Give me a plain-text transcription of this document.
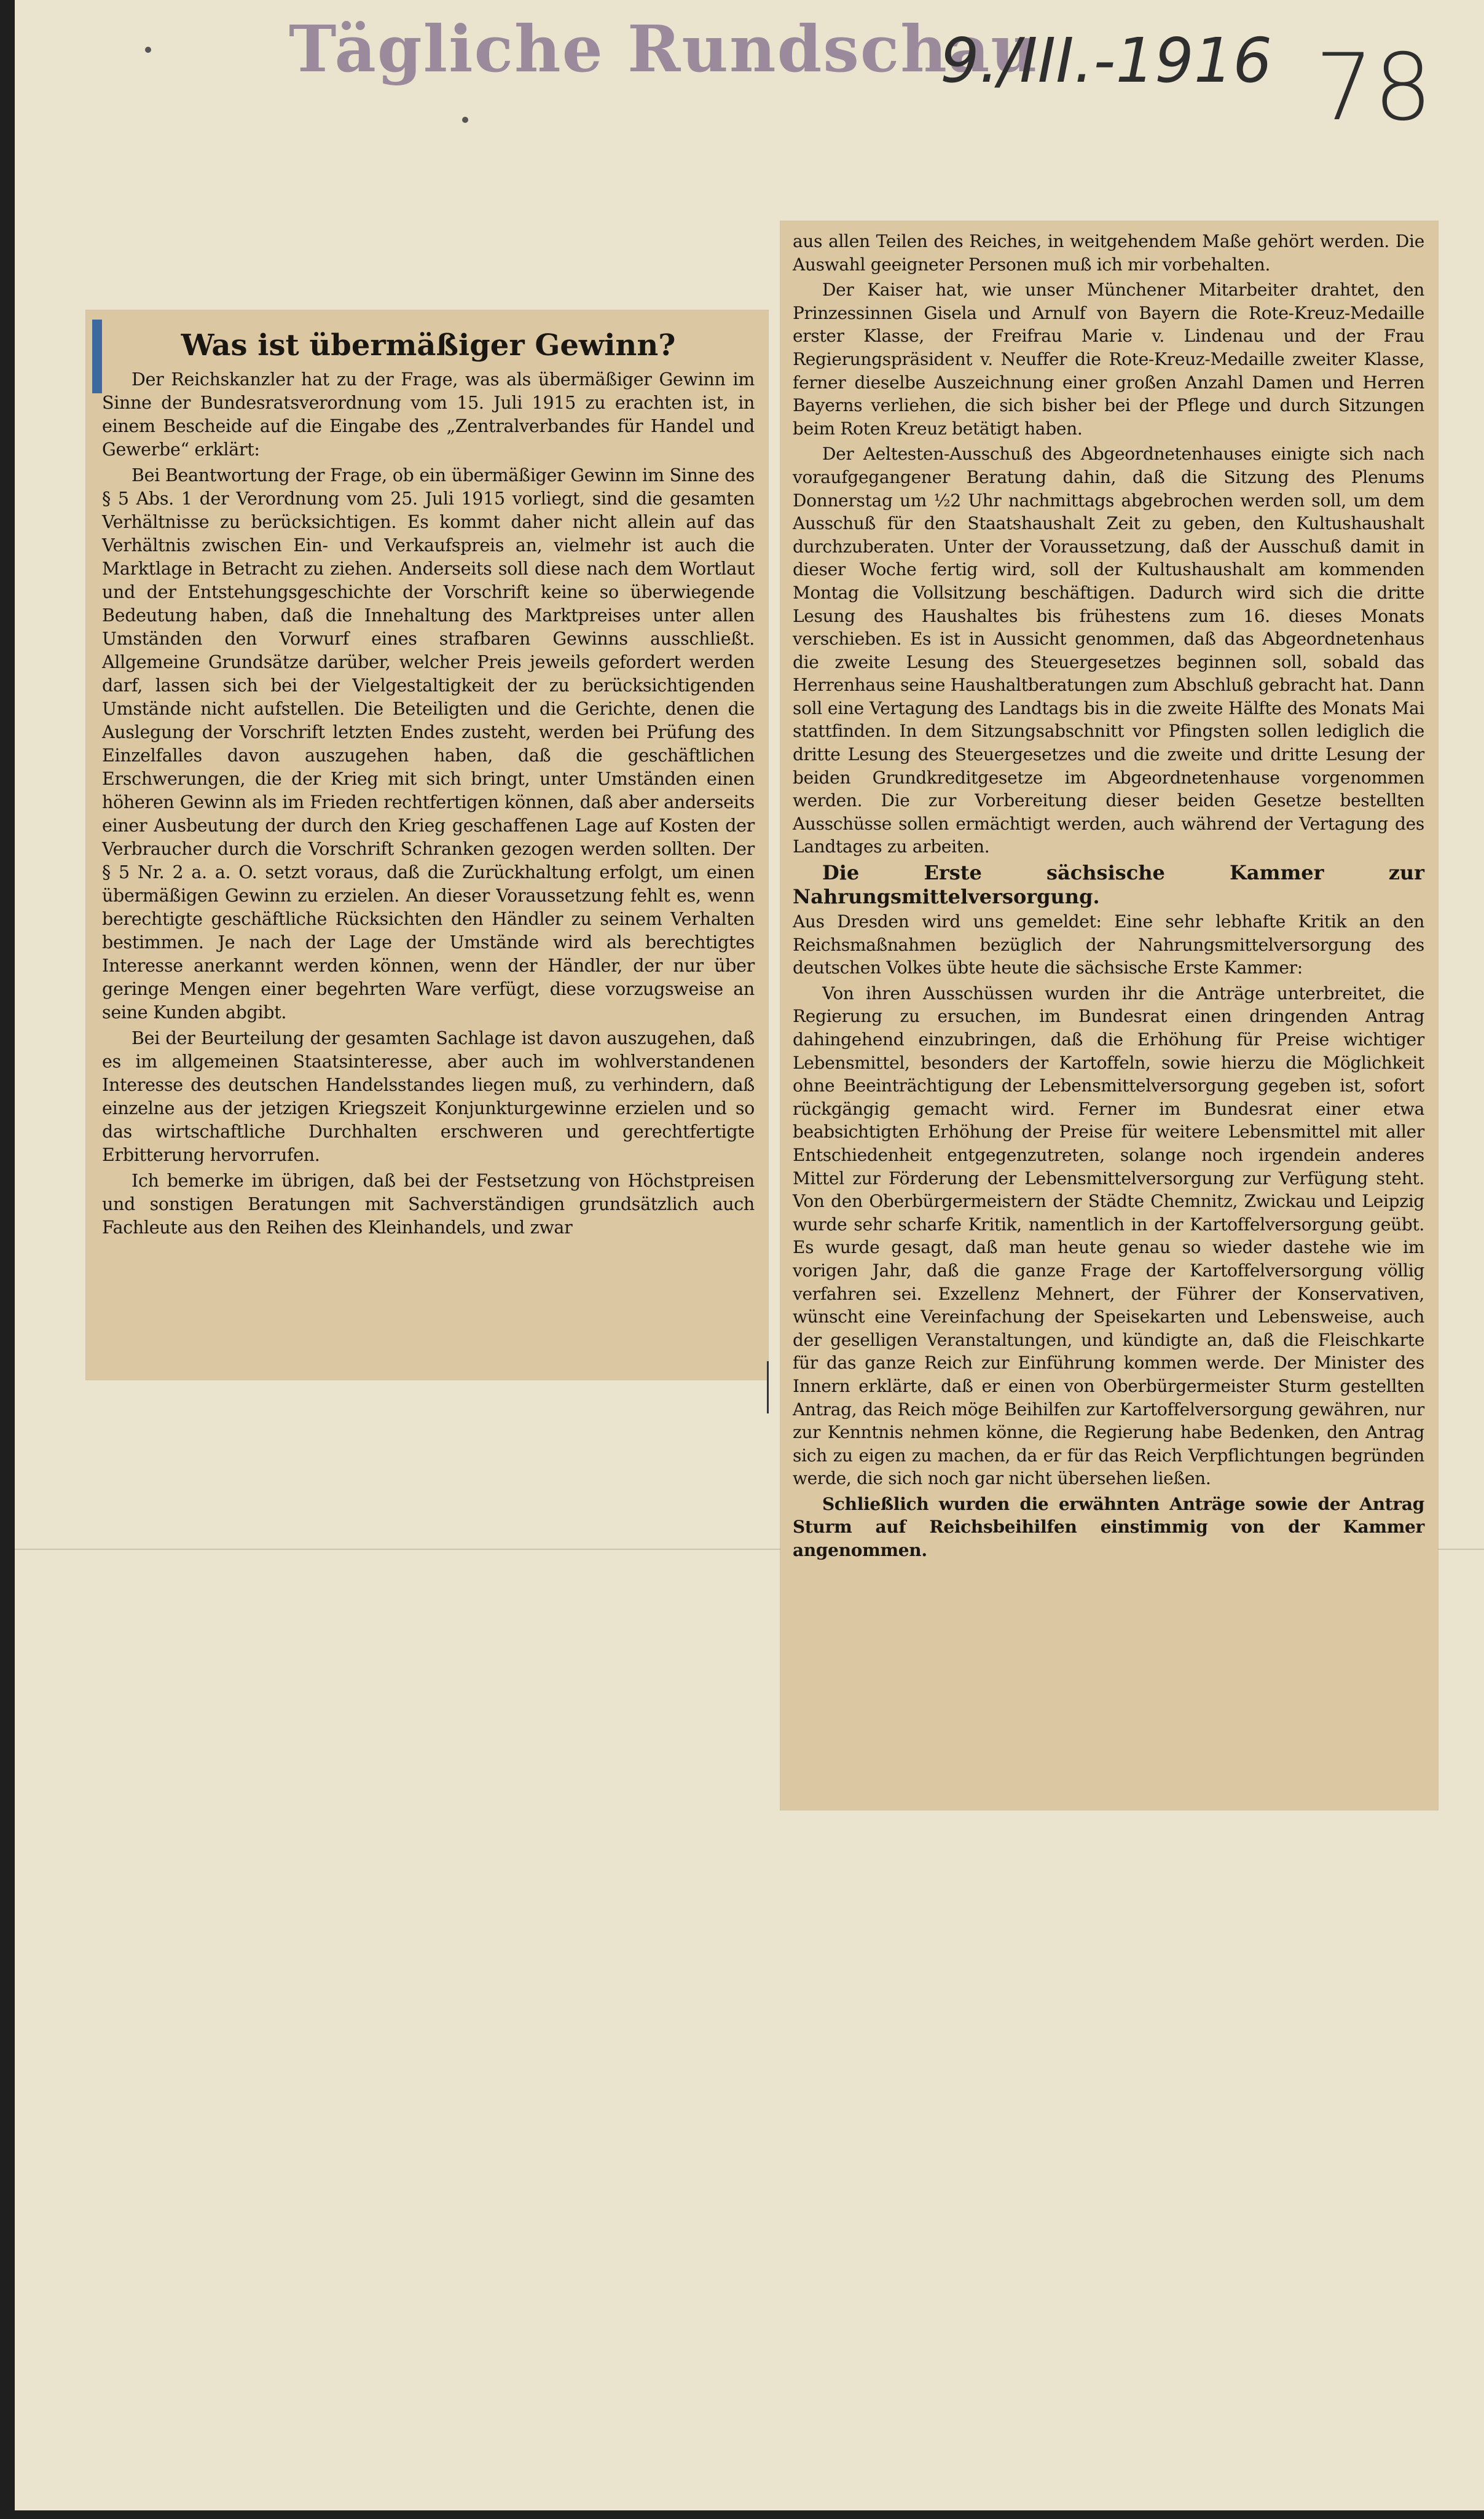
Tägliche Rundschau
9./III.-1916 78
Was ist übermäßiger Gewinn?

Der Reichskanzler hat zu der Frage, was als übermäßiger Gewinn im Sinne der Bundesratsverordnung vom 15. Juli 1915 zu erachten ist, in einem Bescheide auf die Eingabe des „Zentralverbandes für Handel und Gewerbe“ erklärt:

Bei Beantwortung der Frage, ob ein übermäßiger Gewinn im Sinne des § 5 Abs. 1 der Verordnung vom 25. Juli 1915 vorliegt, sind die gesamten Verhältnisse zu berücksichtigen. Es kommt daher nicht allein auf das Verhältnis zwischen Ein- und Verkaufspreis an, vielmehr ist auch die Marktlage in Betracht zu ziehen. Anderseits soll diese nach dem Wortlaut und der Entstehungsgeschichte der Vorschrift keine so überwiegende Bedeutung haben, daß die Innehaltung des Marktpreises unter allen Umständen den Vorwurf eines strafbaren Gewinns ausschließt. Allgemeine Grundsätze darüber, welcher Preis jeweils gefordert werden darf, lassen sich bei der Vielgestaltigkeit der zu berücksichtigenden Umstände nicht aufstellen. Die Beteiligten und die Gerichte, denen die Auslegung der Vorschrift letzten Endes zusteht, werden bei Prüfung des Einzelfalles davon auszugehen haben, daß die geschäftlichen Erschwerungen, die der Krieg mit sich bringt, unter Umständen einen höheren Gewinn als im Frieden rechtfertigen können, daß aber anderseits einer Ausbeutung der durch den Krieg geschaffenen Lage auf Kosten der Verbraucher durch die Vorschrift Schranken gezogen werden sollten. Der § 5 Nr. 2 a. a. O. setzt voraus, daß die Zurückhaltung erfolgt, um einen übermäßigen Gewinn zu erzielen. An dieser Voraussetzung fehlt es, wenn berechtigte geschäftliche Rücksichten den Händler zu seinem Verhalten bestimmen. Je nach der Lage der Umstände wird als berechtigtes Interesse anerkannt werden können, wenn der Händler, der nur über geringe Mengen einer begehrten Ware verfügt, diese vorzugsweise an seine Kunden abgibt.

Bei der Beurteilung der gesamten Sachlage ist davon auszugehen, daß es im allgemeinen Staatsinteresse, aber auch im wohlverstandenen Interesse des deutschen Handelsstandes liegen muß, zu verhindern, daß einzelne aus der jetzigen Kriegszeit Konjunkturgewinne erzielen und so das wirtschaftliche Durchhalten erschweren und gerechtfertigte Erbitterung hervorrufen.

Ich bemerke im übrigen, daß bei der Festsetzung von Höchstpreisen und sonstigen Beratungen mit Sachverständigen grundsätzlich auch Fachleute aus den Reihen des Kleinhandels, und zwar

aus allen Teilen des Reiches, in weitgehendem Maße gehört werden. Die Auswahl geeigneter Personen muß ich mir vorbehalten.

Der Kaiser hat, wie unser Münchener Mitarbeiter drahtet, den Prinzessinnen Gisela und Arnulf von Bayern die Rote-Kreuz-Medaille erster Klasse, der Freifrau Marie v. Lindenau und der Frau Regierungspräsident v. Neuffer die Rote-Kreuz-Medaille zweiter Klasse, ferner dieselbe Auszeichnung einer großen Anzahl Damen und Herren Bayerns verliehen, die sich bisher bei der Pflege und durch Sitzungen beim Roten Kreuz betätigt haben.

Der Aeltesten-Ausschuß des Abgeordnetenhauses einigte sich nach voraufgegangener Beratung dahin, daß die Sitzung des Plenums Donnerstag um ½2 Uhr nachmittags abgebrochen werden soll, um dem Ausschuß für den Staatshaushalt Zeit zu geben, den Kultushaushalt durchzuberaten. Unter der Voraussetzung, daß der Ausschuß damit in dieser Woche fertig wird, soll der Kultushaushalt am kommenden Montag die Vollsitzung beschäftigen. Dadurch wird sich die dritte Lesung des Haushaltes bis frühestens zum 16. dieses Monats verschieben. Es ist in Aussicht genommen, daß das Abgeordnetenhaus die zweite Lesung des Steuergesetzes beginnen soll, sobald das Herrenhaus seine Haushaltberatungen zum Abschluß gebracht hat. Dann soll eine Vertagung des Landtags bis in die zweite Hälfte des Monats Mai stattfinden. In dem Sitzungsabschnitt vor Pfingsten sollen lediglich die dritte Lesung des Steuergesetzes und die zweite und dritte Lesung der beiden Grundkreditgesetze im Abgeordnetenhause vorgenommen werden. Die zur Vorbereitung dieser beiden Gesetze bestellten Ausschüsse sollen ermächtigt werden, auch während der Vertagung des Landtages zu arbeiten.

Die Erste sächsische Kammer zur Nahrungsmittelversorgung.

Aus Dresden wird uns gemeldet: Eine sehr lebhafte Kritik an den Reichsmaßnahmen bezüglich der Nahrungsmittelversorgung des deutschen Volkes übte heute die sächsische Erste Kammer:

Von ihren Ausschüssen wurden ihr die Anträge unterbreitet, die Regierung zu ersuchen, im Bundesrat einen dringenden Antrag dahingehend einzubringen, daß die Erhöhung für Preise wichtiger Lebensmittel, besonders der Kartoffeln, sowie hierzu die Möglichkeit ohne Beeinträchtigung der Lebensmittelversorgung gegeben ist, sofort rückgängig gemacht wird. Ferner im Bundesrat einer etwa beabsichtigten Erhöhung der Preise für weitere Lebensmittel mit aller Entschiedenheit entgegenzutreten, solange noch irgendein anderes Mittel zur Förderung der Lebensmittelversorgung zur Verfügung steht. Von den Oberbürgermeistern der Städte Chemnitz, Zwickau und Leipzig wurde sehr scharfe Kritik, namentlich in der Kartoffelversorgung geübt. Es wurde gesagt, daß man heute genau so wieder dastehe wie im vorigen Jahr, daß die ganze Frage der Kartoffelversorgung völlig verfahren sei. Exzellenz Mehnert, der Führer der Konservativen, wünscht eine Vereinfachung der Speisekarten und Lebensweise, auch der geselligen Veranstaltungen, und kündigte an, daß die Fleischkarte für das ganze Reich zur Einführung kommen werde. Der Minister des Innern erklärte, daß er einen von Oberbürgermeister Sturm gestellten Antrag, das Reich möge Beihilfen zur Kartoffelversorgung gewähren, nur zur Kenntnis nehmen könne, die Regierung habe Bedenken, den Antrag sich zu eigen zu machen, da er für das Reich Verpflichtungen begründen werde, die sich noch gar nicht übersehen ließen.

Schließlich wurden die erwähnten Anträge sowie der Antrag Sturm auf Reichsbeihilfen einstimmig von der Kammer angenommen.
